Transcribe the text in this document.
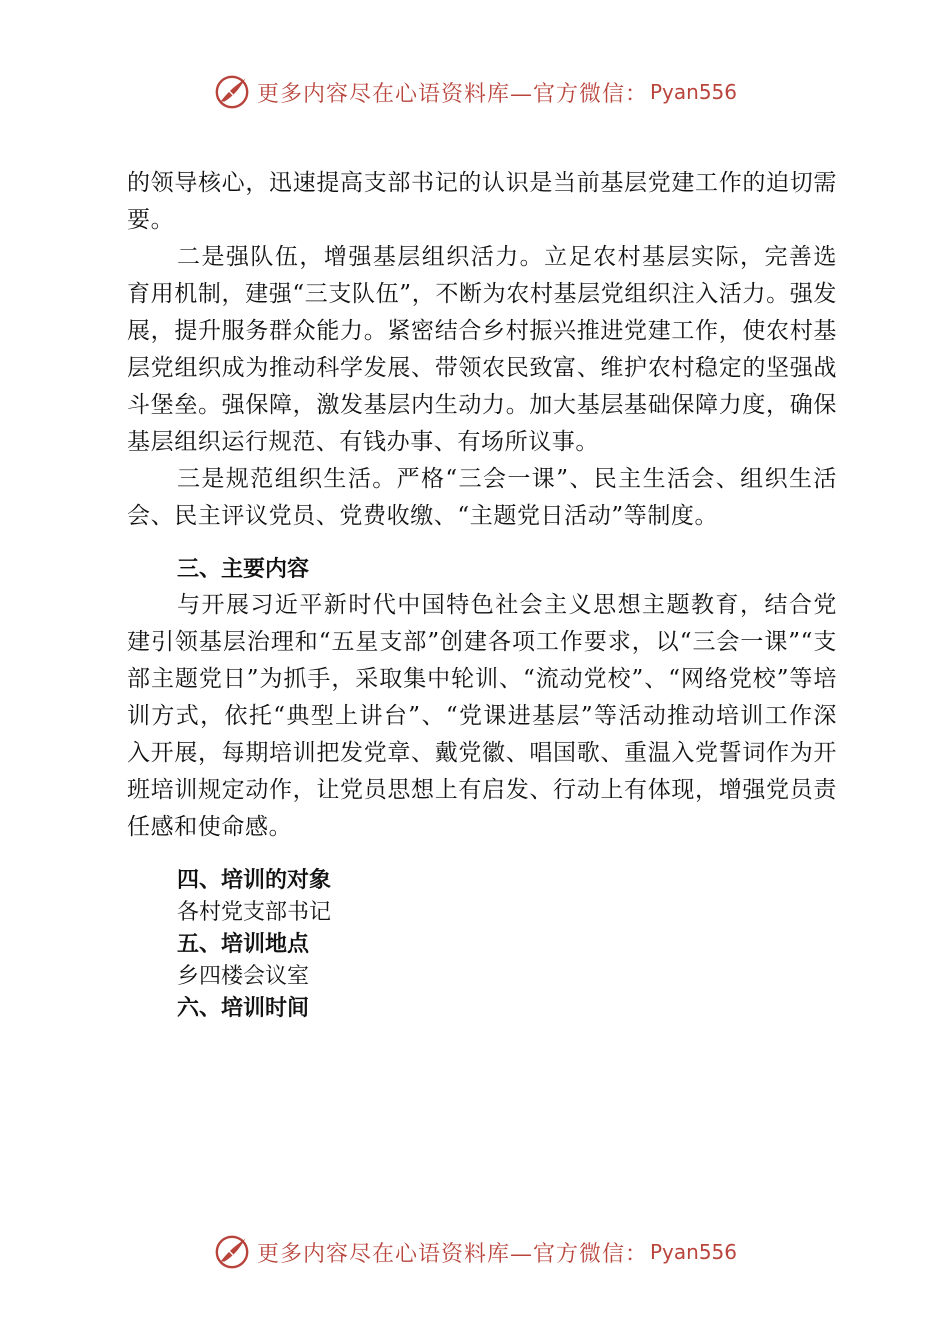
更多内容尽在心语资料库—官方微信： Pyan556

的领导核心，迅速提高支部书记的认识是当前基层党建工作的迫切需要。

二是强队伍，增强基层组织活力。立足农村基层实际，完善选育用机制，建强“三支队伍”，不断为农村基层党组织注入活力。强发展，提升服务群众能力。紧密结合乡村振兴推进党建工作，使农村基层党组织成为推动科学发展、带领农民致富、维护农村稳定的坚强战斗堡垒。强保障，激发基层内生动力。加大基层基础保障力度，确保基层组织运行规范、有钱办事、有场所议事。

三是规范组织生活。严格“三会一课”、民主生活会、组织生活会、民主评议党员、党费收缴、“主题党日活动”等制度。

三、主要内容

与开展习近平新时代中国特色社会主义思想主题教育，结合党建引领基层治理和“五星支部”创建各项工作要求，以“三会一课”“支部主题党日”为抓手，采取集中轮训、“流动党校”、“网络党校”等培训方式，依托“典型上讲台”、“党课进基层”等活动推动培训工作深入开展，每期培训把发党章、戴党徽、唱国歌、重温入党誓词作为开班培训规定动作，让党员思想上有启发、行动上有体现，增强党员责任感和使命感。

四、培训的对象

各村党支部书记

五、培训地点

乡四楼会议室

六、培训时间

更多内容尽在心语资料库—官方微信： Pyan556
